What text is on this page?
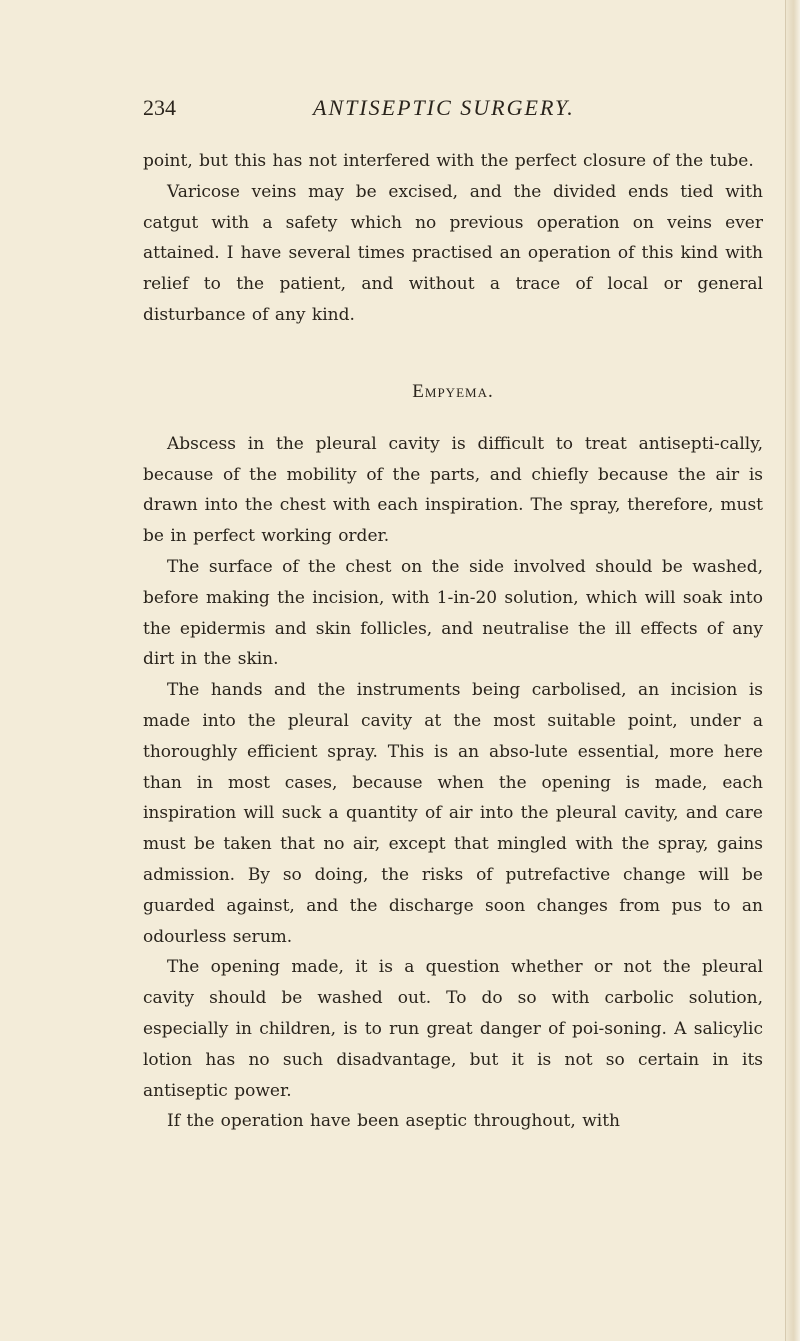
234	ANTISEPTIC SURGERY.

point, but this has not interfered with the perfect closure of the tube.

Varicose veins may be excised, and the divided ends tied with catgut with a safety which no previous operation on veins ever attained. I have several times practised an operation of this kind with relief to the patient, and without a trace of local or general disturbance of any kind.

Empyema.

Abscess in the pleural cavity is difficult to treat antisepti-cally, because of the mobility of the parts, and chiefly because the air is drawn into the chest with each inspiration. The spray, therefore, must be in perfect working order.

The surface of the chest on the side involved should be washed, before making the incision, with 1-in-20 solution, which will soak into the epidermis and skin follicles, and neutralise the ill effects of any dirt in the skin.

The hands and the instruments being carbolised, an incision is made into the pleural cavity at the most suitable point, under a thoroughly efficient spray. This is an abso-lute essential, more here than in most cases, because when the opening is made, each inspiration will suck a quantity of air into the pleural cavity, and care must be taken that no air, except that mingled with the spray, gains admission. By so doing, the risks of putrefactive change will be guarded against, and the discharge soon changes from pus to an odourless serum.

The opening made, it is a question whether or not the pleural cavity should be washed out. To do so with carbolic solution, especially in children, is to run great danger of poi-soning. A salicylic lotion has no such disadvantage, but it is not so certain in its antiseptic power.

If the operation have been aseptic throughout, with
